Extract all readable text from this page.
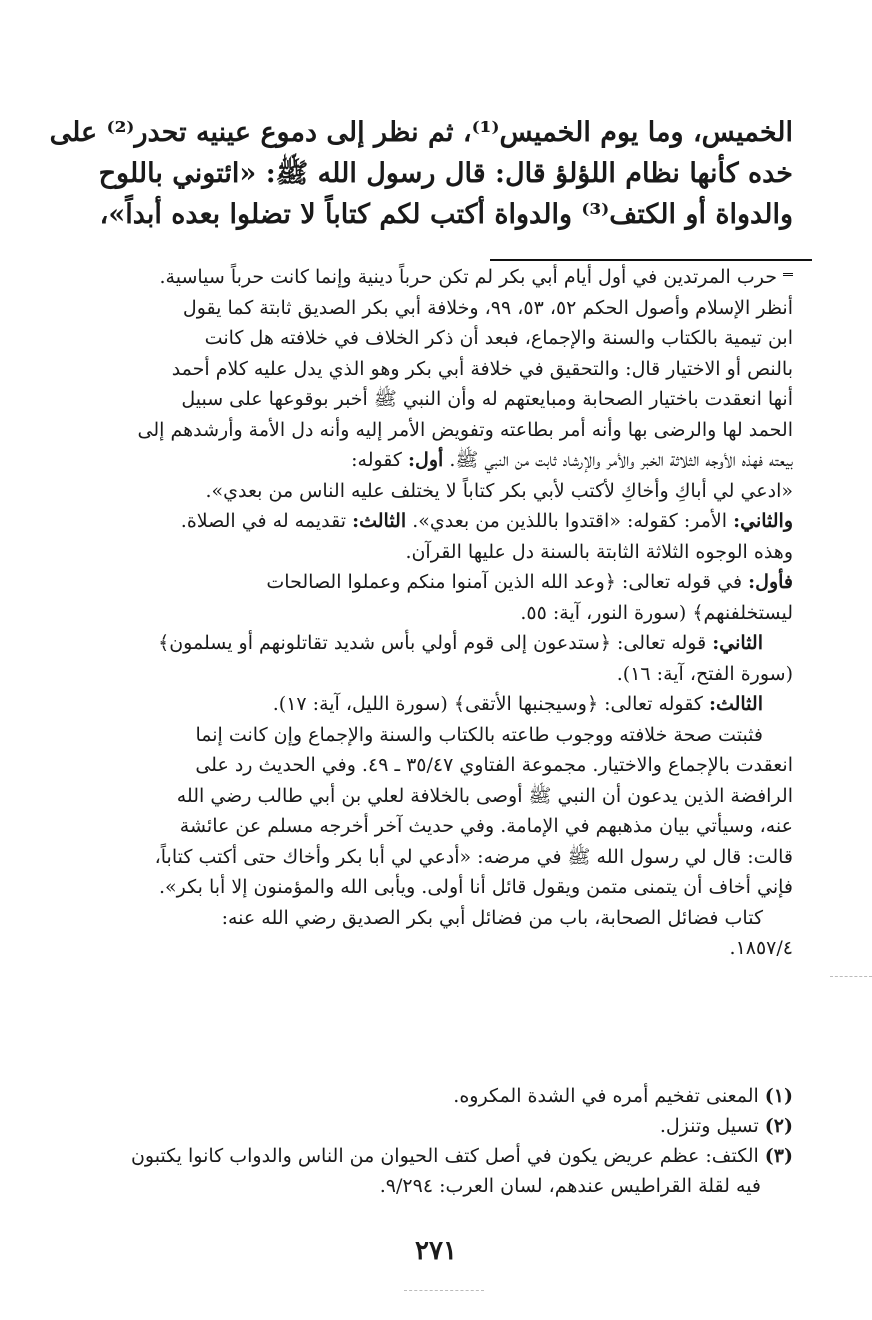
الخميس، وما يوم الخميس⁽¹⁾، ثم نظر إلى دموع عينيه تحدر⁽²⁾ على
خده كأنها نظام اللؤلؤ قال: قال رسول الله ﷺ: «ائتوني باللوح
والدواة أو الكتف⁽³⁾ والدواة أكتب لكم كتاباً لا تضلوا بعده أبداً»،
حرب المرتدين في أول أيام أبي بكر لم تكن حرباً دينية وإنما كانت حرباً سياسية.
أنظر الإسلام وأصول الحكم ٥٢، ٥٣، ٩٩، وخلافة أبي بكر الصديق ثابتة كما يقول
ابن تيمية بالكتاب والسنة والإجماع، فبعد أن ذكر الخلاف في خلافته هل كانت
بالنص أو الاختيار قال: والتحقيق في خلافة أبي بكر وهو الذي يدل عليه كلام أحمد
أنها انعقدت باختيار الصحابة ومبايعتهم له وأن النبي ﷺ أخبر بوقوعها على سبيل
الحمد لها والرضى بها وأنه أمر بطاعته وتفويض الأمر إليه وأنه دل الأمة وأرشدهم إلى
بيعته فهذه الأوجه الثلاثة الخبر والأمر والإرشاد ثابت من النبي ﷺ. أول: كقوله:
«ادعي لي أباكِ وأخاكِ لأكتب لأبي بكر كتاباً لا يختلف عليه الناس من بعدي».
والثاني: الأمر: كقوله: «اقتدوا باللذين من بعدي». الثالث: تقديمه له في الصلاة.
وهذه الوجوه الثلاثة الثابتة بالسنة دل عليها القرآن.
فأول: في قوله تعالى: ﴿وعد الله الذين آمنوا منكم وعملوا الصالحات
ليستخلفنهم﴾ (سورة النور، آية: ٥٥.
الثاني: قوله تعالى: ﴿ستدعون إلى قوم أولي بأس شديد تقاتلونهم أو يسلمون﴾
(سورة الفتح، آية: ١٦).
الثالث: كقوله تعالى: ﴿وسيجنبها الأتقى﴾ (سورة الليل، آية: ١٧).
فثبتت صحة خلافته ووجوب طاعته بالكتاب والسنة والإجماع وإن كانت إنما
انعقدت بالإجماع والاختيار. مجموعة الفتاوي ٣٥/٤٧ ـ ٤٩. وفي الحديث رد على
الرافضة الذين يدعون أن النبي ﷺ أوصى بالخلافة لعلي بن أبي طالب رضي الله
عنه، وسيأتي بيان مذهبهم في الإمامة. وفي حديث آخر أخرجه مسلم عن عائشة
قالت: قال لي رسول الله ﷺ في مرضه: «أدعي لي أبا بكر وأخاك حتى أكتب كتاباً،
فإني أخاف أن يتمنى متمن ويقول قائل أنا أولى. ويأبى الله والمؤمنون إلا أبا بكر».
كتاب فضائل الصحابة، باب من فضائل أبي بكر الصديق رضي الله عنه:
١٨٥٧/٤.
(١)المعنى تفخيم أمره في الشدة المكروه.
(٢)تسيل وتنزل.
(٣)الكتف: عظم عريض يكون في أصل كتف الحيوان من الناس والدواب كانوا يكتبون
فيه لقلة القراطيس عندهم، لسان العرب: ٩/٢٩٤.
٢٧١
